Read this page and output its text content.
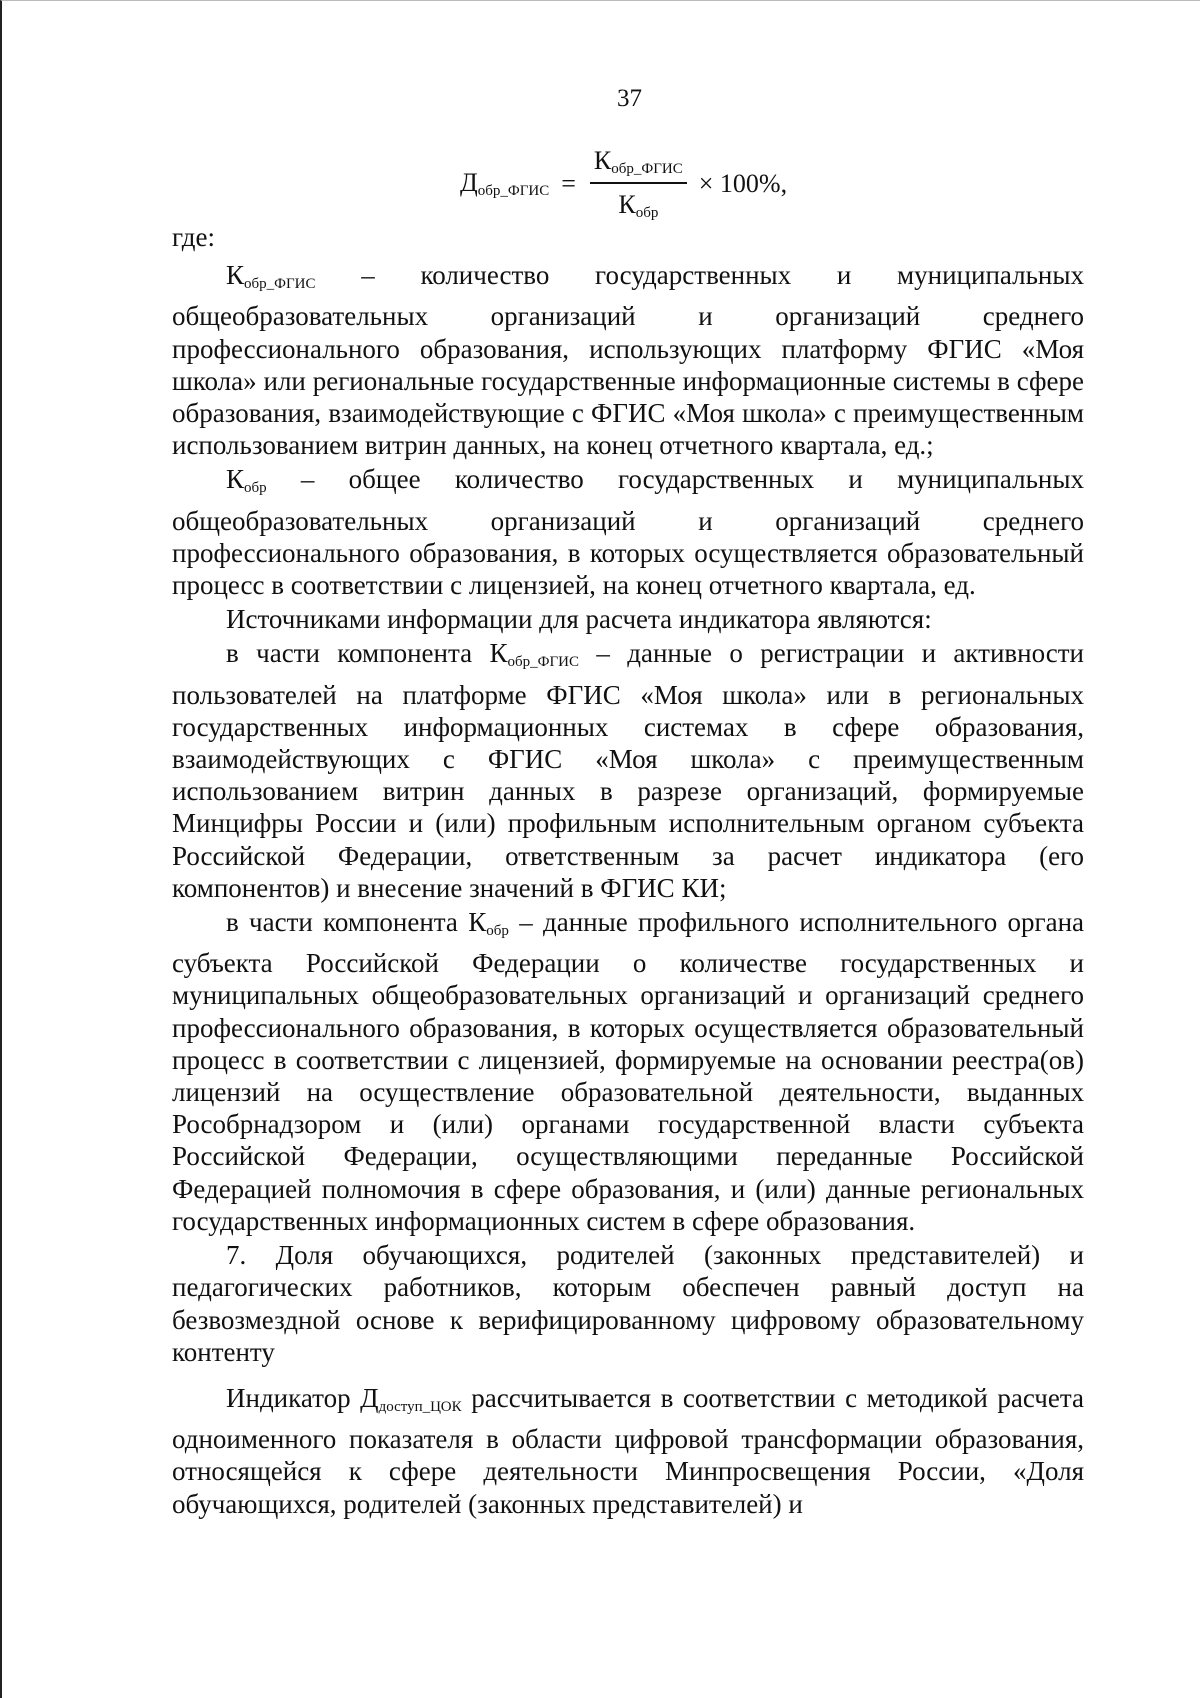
37
$Д_{обр\_ФГИС} = \frac{К_{обр\_ФГИС}}{К_{обр}} \times 100\%$,

где:

$К_{обр\_ФГИС}$ – количество государственных и муниципальных общеобразовательных организаций и организаций среднего профессионального образования, использующих платформу ФГИС «Моя школа» или региональные государственные информационные системы в сфере образования, взаимодействующие с ФГИС «Моя школа» с преимущественным использованием витрин данных, на конец отчетного квартала, ед.;

$К_{обр}$ – общее количество государственных и муниципальных общеобразовательных организаций и организаций среднего профессионального образования, в которых осуществляется образовательный процесс в соответствии с лицензией, на конец отчетного квартала, ед.

Источниками информации для расчета индикатора являются:

в части компонента $К_{обр\_ФГИС}$ – данные о регистрации и активности пользователей на платформе ФГИС «Моя школа» или в региональных государственных информационных системах в сфере образования, взаимодействующих с ФГИС «Моя школа» с преимущественным использованием витрин данных в разрезе организаций, формируемые Минцифры России и (или) профильным исполнительным органом субъекта Российской Федерации, ответственным за расчет индикатора (его компонентов) и внесение значений в ФГИС КИ;

в части компонента $К_{обр}$ – данные профильного исполнительного органа субъекта Российской Федерации о количестве государственных и муниципальных общеобразовательных организаций и организаций среднего профессионального образования, в которых осуществляется образовательный процесс в соответствии с лицензией, формируемые на основании реестра(ов) лицензий на осуществление образовательной деятельности, выданных Рособрнадзором и (или) органами государственной власти субъекта Российской Федерации, осуществляющими переданные Российской Федерацией полномочия в сфере образования, и (или) данные региональных государственных информационных систем в сфере образования.

7. Доля обучающихся, родителей (законных представителей) и педагогических работников, которым обеспечен равный доступ на безвозмездной основе к верифицированному цифровому образовательному контенту

Индикатор $Д_{доступ\_ЦОК}$ рассчитывается в соответствии с методикой расчета одноименного показателя в области цифровой трансформации образования, относящейся к сфере деятельности Минпросвещения России, «Доля обучающихся, родителей (законных представителей) и
